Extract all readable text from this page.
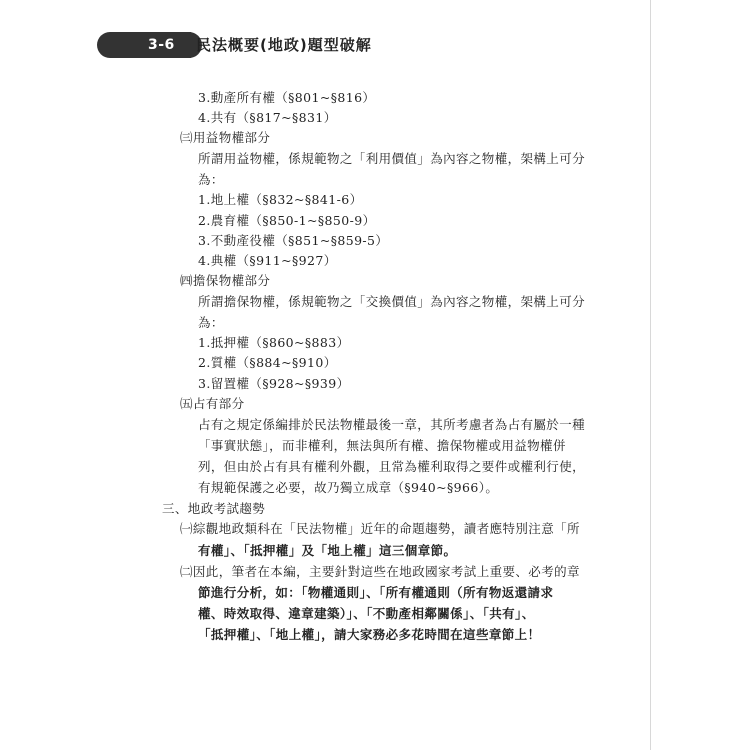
3-6	民法概要(地政)題型破解
3.動產所有權（§801~§816）
4.共有（§817~§831）
㈢用益物權部分
所謂用益物權，係規範物之「利用價值」為內容之物權，架構上可分
為：
1.地上權（§832~§841-6）
2.農育權（§850-1~§850-9）
3.不動產役權（§851~§859-5）
4.典權（§911~§927）
㈣擔保物權部分
所謂擔保物權，係規範物之「交換價值」為內容之物權，架構上可分
為：
1.抵押權（§860~§883）
2.質權（§884~§910）
3.留置權（§928~§939）
㈤占有部分
占有之規定係編排於民法物權最後一章，其所考慮者為占有屬於一種
「事實狀態」，而非權利，無法與所有權、擔保物權或用益物權併
列，但由於占有具有權利外觀，且常為權利取得之要件或權利行使，
有規範保護之必要，故乃獨立成章（§940~§966）。
三、地政考試趨勢
㈠綜觀地政類科在「民法物權」近年的命題趨勢，讀者應特別注意「所
有權」、「抵押權」及「地上權」這三個章節。
㈡因此，筆者在本編，主要針對這些在地政國家考試上重要、必考的章
節進行分析，如：「物權通則」、「所有權通則（所有物返還請求
權、時效取得、違章建築）」、「不動產相鄰關係」、「共有」、
「抵押權」、「地上權」，請大家務必多花時間在這些章節上！
